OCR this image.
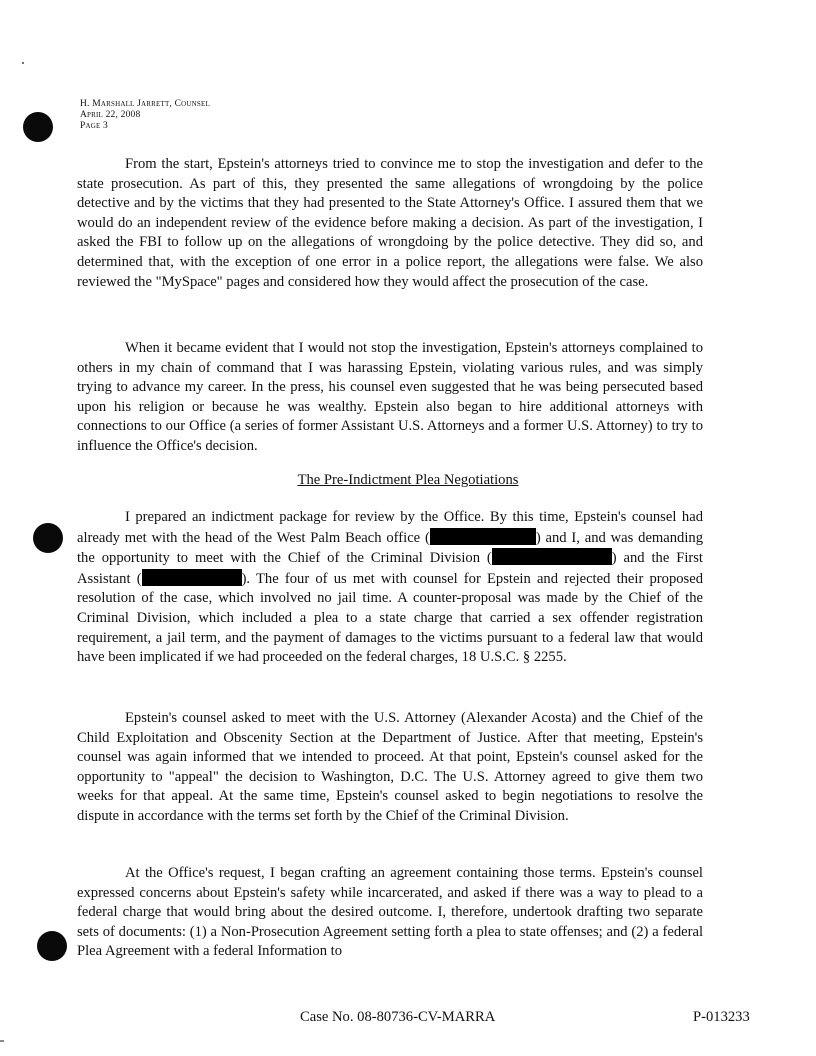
H. Marshall Jarrett, Counsel
April 22, 2008
Page 3

From the start, Epstein's attorneys tried to convince me to stop the investigation and defer to the state prosecution. As part of this, they presented the same allegations of wrongdoing by the police detective and by the victims that they had presented to the State Attorney's Office. I assured them that we would do an independent review of the evidence before making a decision. As part of the investigation, I asked the FBI to follow up on the allegations of wrongdoing by the police detective. They did so, and determined that, with the exception of one error in a police report, the allegations were false. We also reviewed the "MySpace" pages and considered how they would affect the prosecution of the case.

When it became evident that I would not stop the investigation, Epstein's attorneys complained to others in my chain of command that I was harassing Epstein, violating various rules, and was simply trying to advance my career. In the press, his counsel even suggested that he was being persecuted based upon his religion or because he was wealthy. Epstein also began to hire additional attorneys with connections to our Office (a series of former Assistant U.S. Attorneys and a former U.S. Attorney) to try to influence the Office's decision.

The Pre-Indictment Plea Negotiations

I prepared an indictment package for review by the Office. By this time, Epstein's counsel had already met with the head of the West Palm Beach office (	) and I, and was demanding the opportunity to meet with the Chief of the Criminal Division (	) and the First Assistant (	). The four of us met with counsel for Epstein and rejected their proposed resolution of the case, which involved no jail time. A counter-proposal was made by the Chief of the Criminal Division, which included a plea to a state charge that carried a sex offender registration requirement, a jail term, and the payment of damages to the victims pursuant to a federal law that would have been implicated if we had proceeded on the federal charges, 18 U.S.C. § 2255.

Epstein's counsel asked to meet with the U.S. Attorney (Alexander Acosta) and the Chief of the Child Exploitation and Obscenity Section at the Department of Justice. After that meeting, Epstein's counsel was again informed that we intended to proceed. At that point, Epstein's counsel asked for the opportunity to "appeal" the decision to Washington, D.C. The U.S. Attorney agreed to give them two weeks for that appeal. At the same time, Epstein's counsel asked to begin negotiations to resolve the dispute in accordance with the terms set forth by the Chief of the Criminal Division.

At the Office's request, I began crafting an agreement containing those terms. Epstein's counsel expressed concerns about Epstein's safety while incarcerated, and asked if there was a way to plead to a federal charge that would bring about the desired outcome. I, therefore, undertook drafting two separate sets of documents: (1) a Non-Prosecution Agreement setting forth a plea to state offenses; and (2) a federal Plea Agreement with a federal Information to

Case No. 08-80736-CV-MARRA	P-013233
